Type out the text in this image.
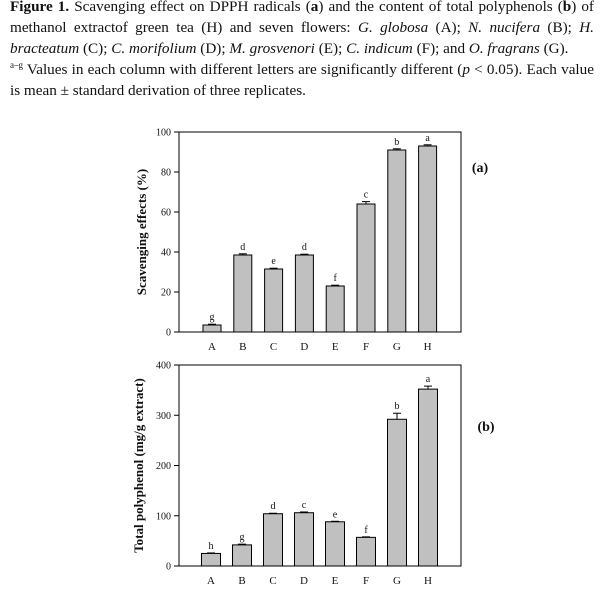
Figure 1. Scavenging effect on DPPH radicals (a) and the content of total polyphenols (b) of methanol extractof green tea (H) and seven flowers: G. globosa (A); N. nucifera (B); H. bracteatum (C); C. morifolium (D); M. grosvenori (E); C. indicum (F); and O. fragrans (G).
$^{a-g}$ Values in each column with different letters are significantly different (p < 0.05). Each value is mean ± standard derivation of three replicates.
0
20
40
60
80
100
g
A
d
B
e
C
d
D
f
E
c
F
b
G
a
H
Scavenging effects (%)
(a)
0
100
200
300
400
h
A
g
B
d
C
c
D
e
E
f
F
b
G
a
H
Total polyphenol (mg/g extract)	(b)
